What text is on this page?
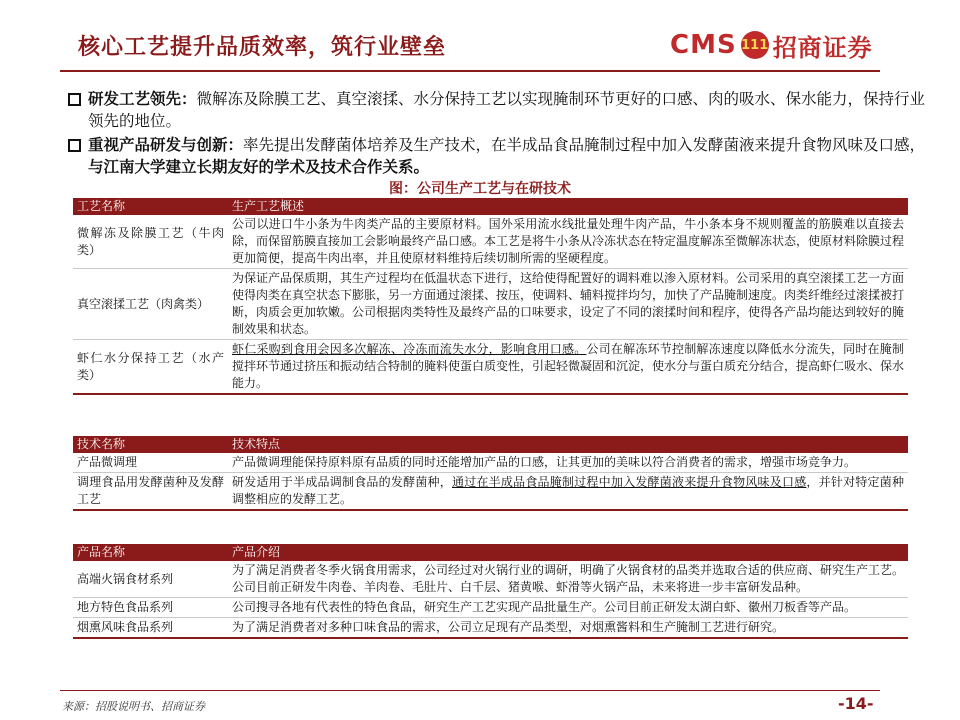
核心工艺提升品质效率，筑行业壁垒	CMS 111 招商证券
研发工艺领先：微解冻及除膜工艺、真空滚揉、水分保持工艺以实现腌制环节更好的口感、肉的吸水、保水能力，保持行业领先的地位。
重视产品研发与创新：率先提出发酵菌体培养及生产技术，在半成品食品腌制过程中加入发酵菌液来提升食物风味及口感，与江南大学建立长期友好的学术及技术合作关系。
图：公司生产工艺与在研技术
工艺名称	生产工艺概述
微解冻及除膜工艺（牛肉类）	公司以进口牛小条为牛肉类产品的主要原材料。国外采用流水线批量处理牛肉产品，牛小条本身不规则覆盖的筋膜难以直接去除，而保留筋膜直接加工会影响最终产品口感。本工艺是将牛小条从冷冻状态在特定温度解冻至微解冻状态，使原材料除膜过程更加简便，提高牛肉出率，并且使原材料维持后续切制所需的坚硬程度。
真空滚揉工艺（肉禽类）	为保证产品保质期，其生产过程均在低温状态下进行，这给使得配置好的调料难以渗入原材料。公司采用的真空滚揉工艺一方面使得肉类在真空状态下膨胀，另一方面通过滚揉、按压，使调料、辅料搅拌均匀，加快了产品腌制速度。肉类纤维经过滚揉被打断，肉质会更加软嫩。公司根据肉类特性及最终产品的口味要求，设定了不同的滚揉时间和程序，使得各产品均能达到较好的腌制效果和状态。
虾仁水分保持工艺（水产类）	虾仁采购到食用会因多次解冻、冷冻而流失水分，影响食用口感。公司在解冻环节控制解冻速度以降低水分流失，同时在腌制搅拌环节通过挤压和振动结合特制的腌料使蛋白质变性，引起轻微凝固和沉淀，使水分与蛋白质充分结合，提高虾仁吸水、保水能力。
技术名称	技术特点
产品微调理	产品微调理能保持原料原有品质的同时还能增加产品的口感，让其更加的美味以符合消费者的需求，增强市场竞争力。
调理食品用发酵菌种及发酵工艺	研发适用于半成品调制食品的发酵菌种，通过在半成品食品腌制过程中加入发酵菌液来提升食物风味及口感，并针对特定菌种调整相应的发酵工艺。
产品名称	产品介绍
高端火锅食材系列	为了满足消费者冬季火锅食用需求，公司经过对火锅行业的调研，明确了火锅食材的品类并选取合适的供应商、研究生产工艺。公司目前正研发牛肉卷、羊肉卷、毛肚片、白千层、猪黄喉、虾滑等火锅产品，未来将进一步丰富研发品种。
地方特色食品系列	公司搜寻各地有代表性的特色食品，研究生产工艺实现产品批量生产。公司目前正研发太湖白虾、徽州刀板香等产品。
烟熏风味食品系列	为了满足消费者对多种口味食品的需求，公司立足现有产品类型，对烟熏酱料和生产腌制工艺进行研究。
来源：招股说明书、招商证券	-14-
